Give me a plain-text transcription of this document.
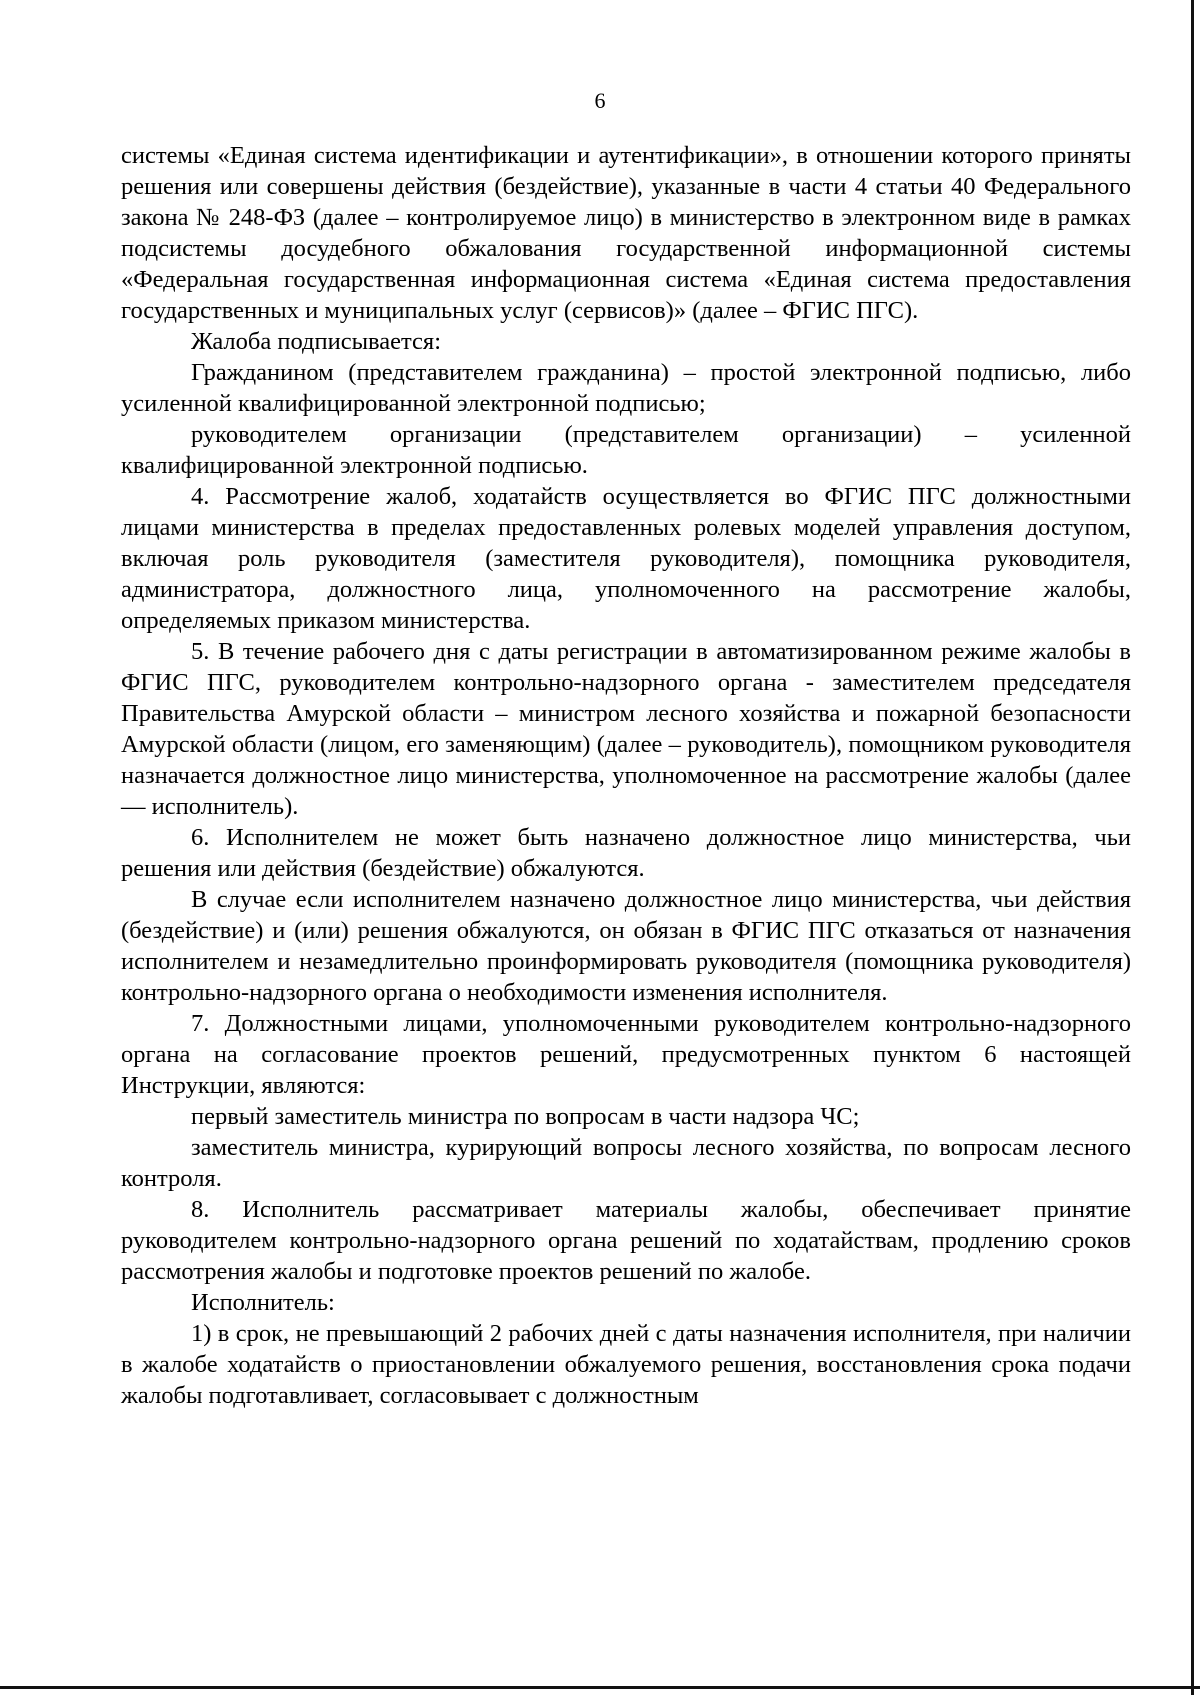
6

системы «Единая система идентификации и аутентификации», в отношении которого приняты решения или совершены действия (бездействие), указанные в части 4 статьи 40 Федерального закона № 248-ФЗ (далее – контролируемое лицо) в министерство в электронном виде в рамках подсистемы досудебного обжалования государственной информационной системы «Федеральная государственная информационная система «Единая система предоставления государственных и муниципальных услуг (сервисов)» (далее – ФГИС ПГС).

Жалоба подписывается:

Гражданином (представителем гражданина) – простой электронной подписью, либо усиленной квалифицированной электронной подписью;

руководителем организации (представителем организации) – усиленной квалифицированной электронной подписью.

4. Рассмотрение жалоб, ходатайств осуществляется во ФГИС ПГС должностными лицами министерства в пределах предоставленных ролевых моделей управления доступом, включая роль руководителя (заместителя руководителя), помощника руководителя, администратора, должностного лица, уполномоченного на рассмотрение жалобы, определяемых приказом министерства.

5. В течение рабочего дня с даты регистрации в автоматизированном режиме жалобы в ФГИС ПГС, руководителем контрольно-надзорного органа - заместителем председателя Правительства Амурской области – министром лесного хозяйства и пожарной безопасности Амурской области (лицом, его заменяющим) (далее – руководитель), помощником руководителя назначается должностное лицо министерства, уполномоченное на рассмотрение жалобы (далее — исполнитель).

6. Исполнителем не может быть назначено должностное лицо министерства, чьи решения или действия (бездействие) обжалуются.

В случае если исполнителем назначено должностное лицо министерства, чьи действия (бездействие) и (или) решения обжалуются, он обязан в ФГИС ПГС отказаться от назначения исполнителем и незамедлительно проинформировать руководителя (помощника руководителя) контрольно-надзорного органа о необходимости изменения исполнителя.

7. Должностными лицами, уполномоченными руководителем контрольно-надзорного органа на согласование проектов решений, предусмотренных пунктом 6 настоящей Инструкции, являются:

первый заместитель министра по вопросам в части надзора ЧС;

заместитель министра, курирующий вопросы лесного хозяйства, по вопросам лесного контроля.

8. Исполнитель рассматривает материалы жалобы, обеспечивает принятие руководителем контрольно-надзорного органа решений по ходатайствам, продлению сроков рассмотрения жалобы и подготовке проектов решений по жалобе.

Исполнитель:

1) в срок, не превышающий 2 рабочих дней с даты назначения исполнителя, при наличии в жалобе ходатайств о приостановлении обжалуемого решения, восстановления срока подачи жалобы подготавливает, согласовывает с должностным
